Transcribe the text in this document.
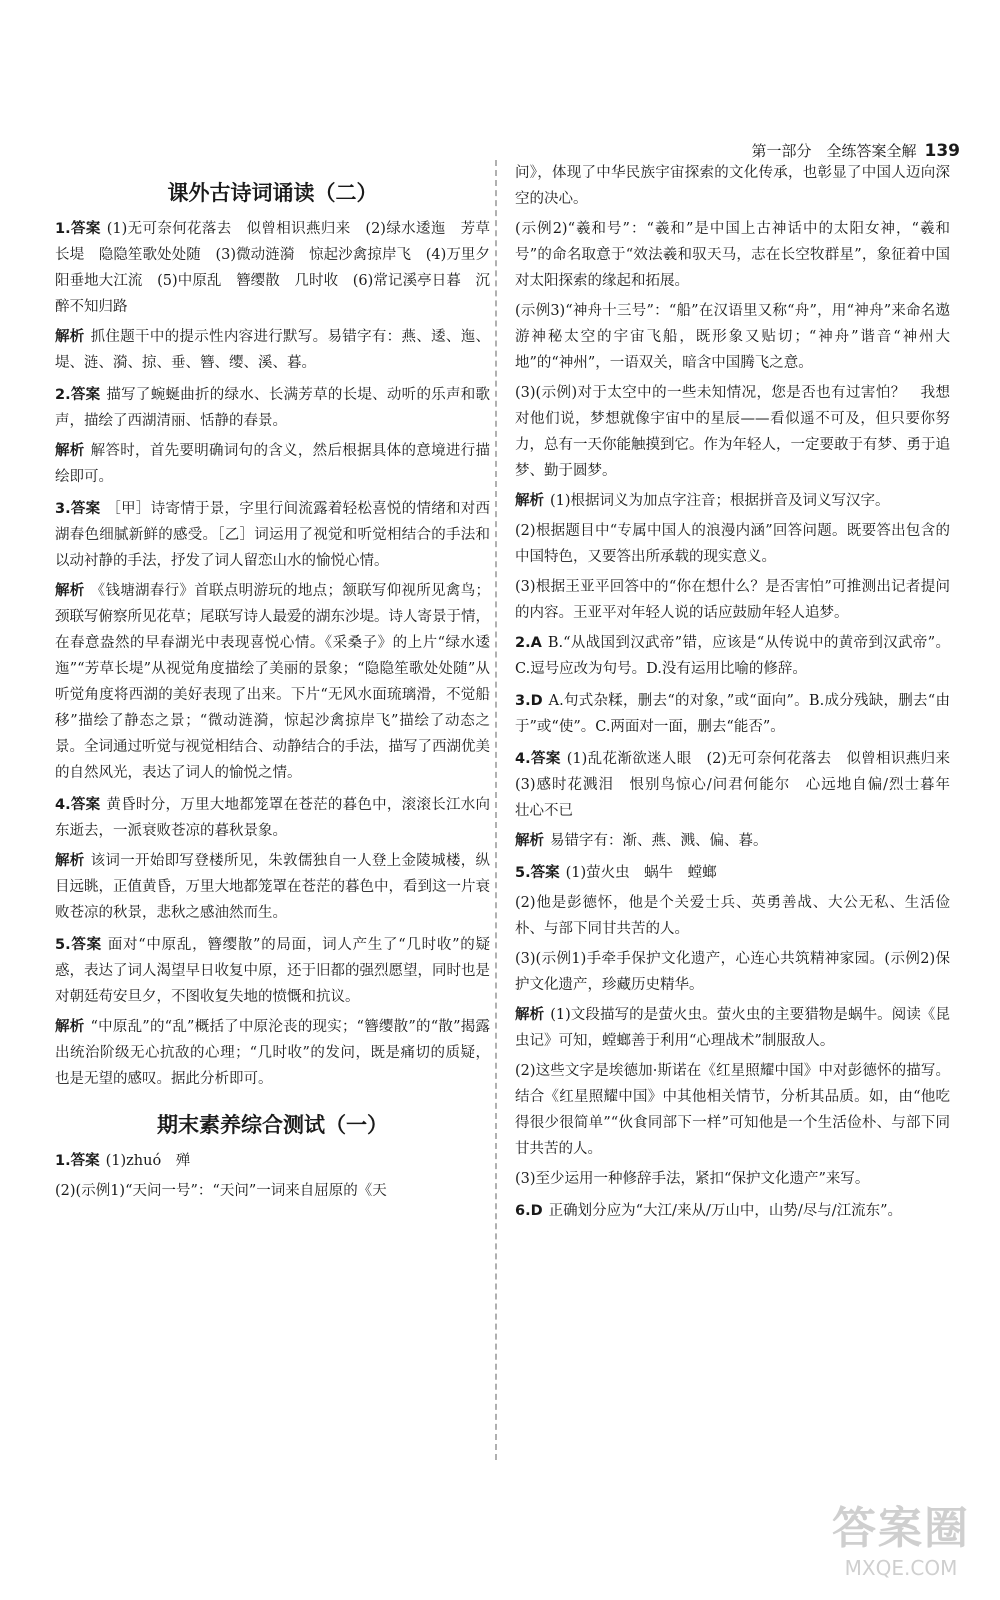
第一部分　全练答案全解 139
课外古诗词诵读（二）

1.答案 (1)无可奈何花落去　似曾相识燕归来　(2)绿水逶迤　芳草长堤　隐隐笙歌处处随　(3)微动涟漪　惊起沙禽掠岸飞　(4)万里夕阳垂地大江流　(5)中原乱　簪缨散　几时收　(6)常记溪亭日暮　沉醉不知归路

解析 抓住题干中的提示性内容进行默写。易错字有：燕、逶、迤、堤、涟、漪、掠、垂、簪、缨、溪、暮。

2.答案 描写了蜿蜒曲折的绿水、长满芳草的长堤、动听的乐声和歌声，描绘了西湖清丽、恬静的春景。

解析 解答时，首先要明确词句的含义，然后根据具体的意境进行描绘即可。

3.答案 ［甲］诗寄情于景，字里行间流露着轻松喜悦的情绪和对西湖春色细腻新鲜的感受。［乙］词运用了视觉和听觉相结合的手法和以动衬静的手法，抒发了词人留恋山水的愉悦心情。

解析 《钱塘湖春行》首联点明游玩的地点；颔联写仰视所见禽鸟；颈联写俯察所见花草；尾联写诗人最爱的湖东沙堤。诗人寄景于情，在春意盎然的早春湖光中表现喜悦心情。《采桑子》的上片“绿水逶迤”“芳草长堤”从视觉角度描绘了美丽的景象；“隐隐笙歌处处随”从听觉角度将西湖的美好表现了出来。下片“无风水面琉璃滑，不觉船移”描绘了静态之景；“微动涟漪，惊起沙禽掠岸飞”描绘了动态之景。全词通过听觉与视觉相结合、动静结合的手法，描写了西湖优美的自然风光，表达了词人的愉悦之情。

4.答案 黄昏时分，万里大地都笼罩在苍茫的暮色中，滚滚长江水向东逝去，一派衰败苍凉的暮秋景象。

解析 该词一开始即写登楼所见，朱敦儒独自一人登上金陵城楼，纵目远眺，正值黄昏，万里大地都笼罩在苍茫的暮色中，看到这一片衰败苍凉的秋景，悲秋之感油然而生。

5.答案 面对“中原乱，簪缨散”的局面，词人产生了“几时收”的疑惑，表达了词人渴望早日收复中原，还于旧都的强烈愿望，同时也是对朝廷苟安旦夕，不图收复失地的愤慨和抗议。

解析 “中原乱”的“乱”概括了中原沦丧的现实；“簪缨散”的“散”揭露出统治阶级无心抗敌的心理；“几时收”的发问，既是痛切的质疑，也是无望的感叹。据此分析即可。

期末素养综合测试（一）

1.答案 (1)zhuó　殚

(2)(示例1)“天问一号”：“天问”一词来自屈原的《天

问》，体现了中华民族宇宙探索的文化传承，也彰显了中国人迈向深空的决心。

(示例2)“羲和号”：“羲和”是中国上古神话中的太阳女神，“羲和号”的命名取意于“效法羲和驭天马，志在长空牧群星”，象征着中国对太阳探索的缘起和拓展。

(示例3)“神舟十三号”：“船”在汉语里又称“舟”，用“神舟”来命名遨游神秘太空的宇宙飞船，既形象又贴切；“神舟”谐音“神州大地”的“神州”，一语双关，暗含中国腾飞之意。

(3)(示例)对于太空中的一些未知情况，您是否也有过害怕？　我想对他们说，梦想就像宇宙中的星辰——看似遥不可及，但只要你努力，总有一天你能触摸到它。作为年轻人，一定要敢于有梦、勇于追梦、勤于圆梦。

解析 (1)根据词义为加点字注音；根据拼音及词义写汉字。

(2)根据题目中“专属中国人的浪漫内涵”回答问题。既要答出包含的中国特色，又要答出所承载的现实意义。

(3)根据王亚平回答中的“你在想什么？是否害怕”可推测出记者提问的内容。王亚平对年轻人说的话应鼓励年轻人追梦。

2.A B.“从战国到汉武帝”错，应该是“从传说中的黄帝到汉武帝”。C.逗号应改为句号。D.没有运用比喻的修辞。

3.D A.句式杂糅，删去“的对象，”或“面向”。B.成分残缺，删去“由于”或“使”。C.两面对一面，删去“能否”。

4.答案 (1)乱花渐欲迷人眼　(2)无可奈何花落去　似曾相识燕归来　(3)感时花溅泪　恨别鸟惊心/问君何能尔　心远地自偏/烈士暮年　壮心不已

解析 易错字有：渐、燕、溅、偏、暮。

5.答案 (1)萤火虫　蜗牛　螳螂

(2)他是彭德怀，他是个关爱士兵、英勇善战、大公无私、生活俭朴、与部下同甘共苦的人。

(3)(示例1)手牵手保护文化遗产，心连心共筑精神家园。(示例2)保护文化遗产，珍藏历史精华。

解析 (1)文段描写的是萤火虫。萤火虫的主要猎物是蜗牛。阅读《昆虫记》可知，螳螂善于利用“心理战术”制服敌人。

(2)这些文字是埃德加·斯诺在《红星照耀中国》中对彭德怀的描写。结合《红星照耀中国》中其他相关情节，分析其品质。如，由“他吃得很少很简单”“伙食同部下一样”可知他是一个生活俭朴、与部下同甘共苦的人。

(3)至少运用一种修辞手法，紧扣“保护文化遗产”来写。

6.D 正确划分应为“大江/来从/万山中，山势/尽与/江流东”。

答案圈
MXQE.COM
